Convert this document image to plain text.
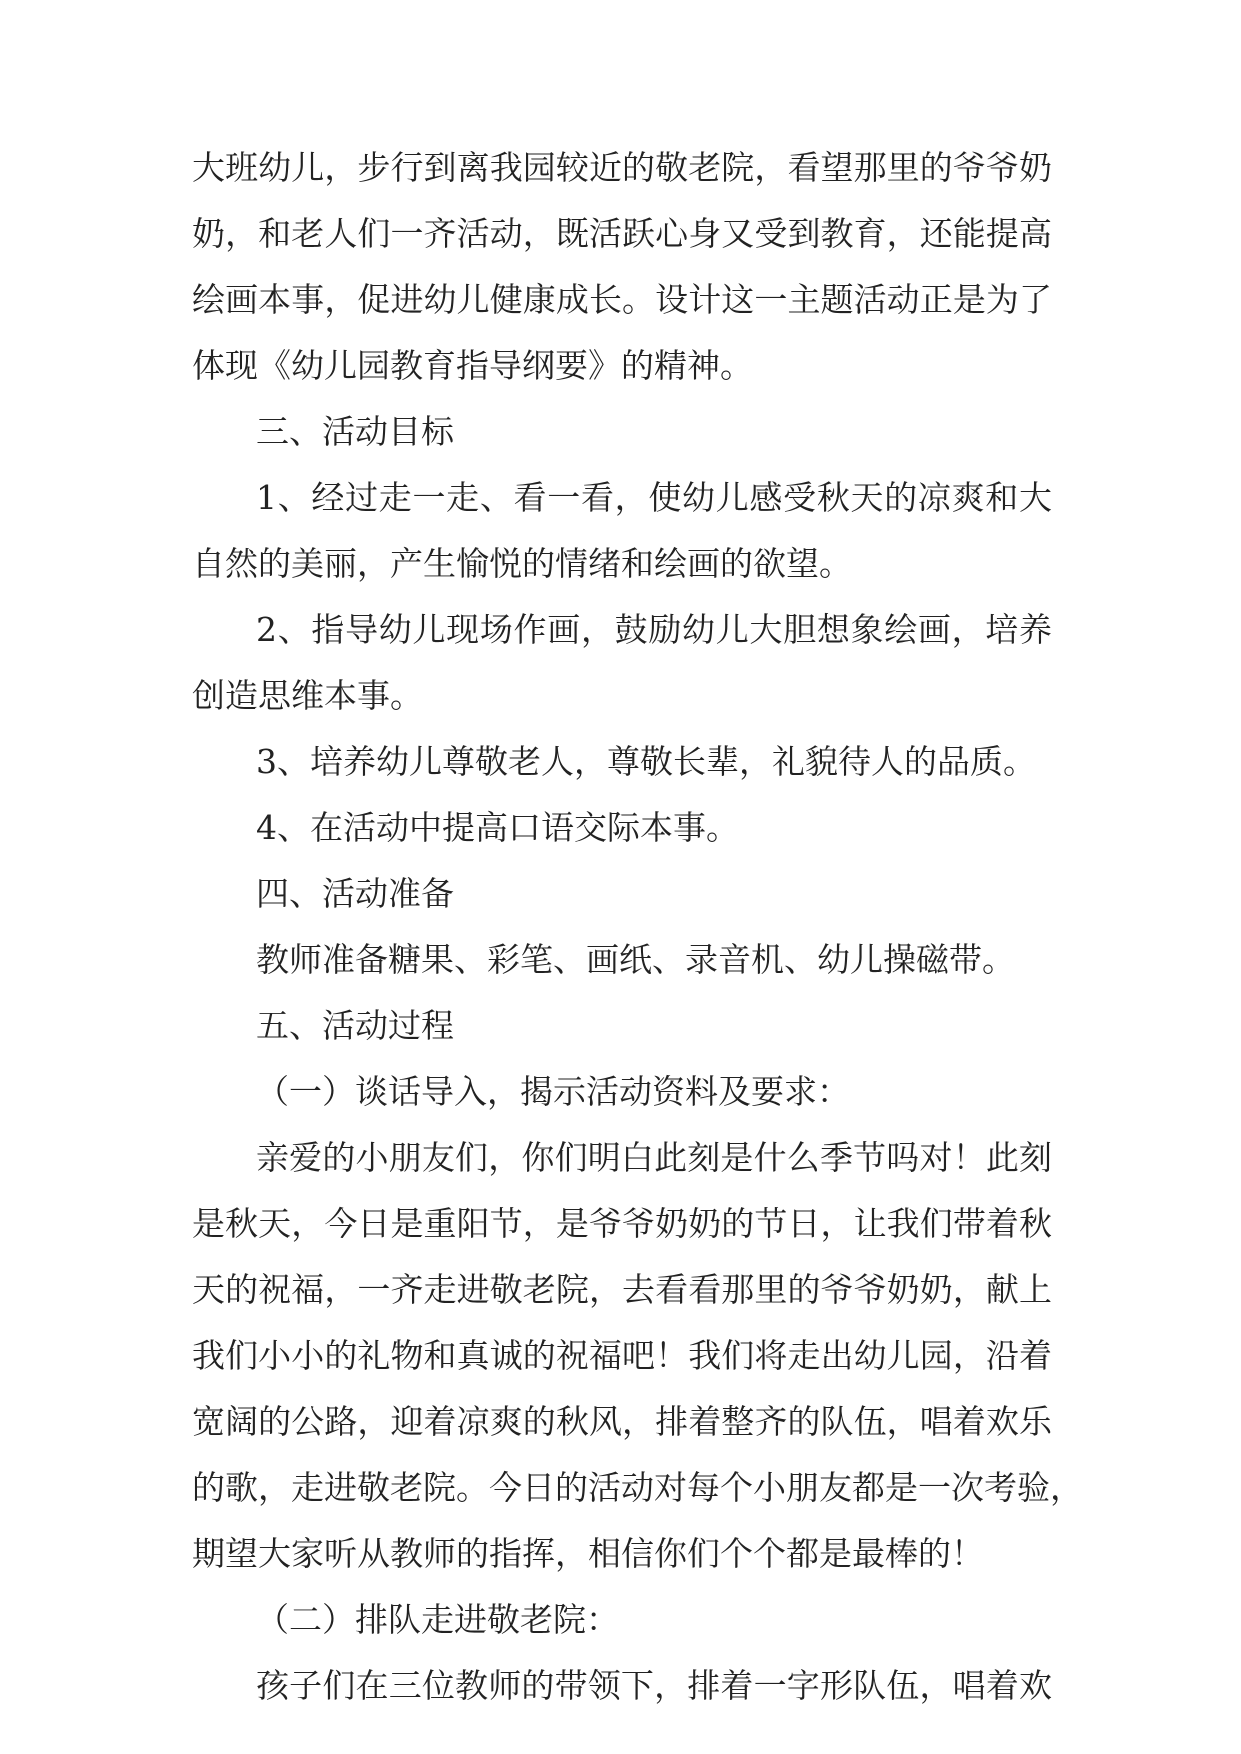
大班幼儿，步行到离我园较近的敬老院，看望那里的爷爷奶
奶，和老人们一齐活动，既活跃心身又受到教育，还能提高
绘画本事，促进幼儿健康成长。设计这一主题活动正是为了
体现《幼儿园教育指导纲要》的精神。
三、活动目标
1、经过走一走、看一看，使幼儿感受秋天的凉爽和大
自然的美丽，产生愉悦的情绪和绘画的欲望。
2、指导幼儿现场作画，鼓励幼儿大胆想象绘画，培养
创造思维本事。
3、培养幼儿尊敬老人，尊敬长辈，礼貌待人的品质。
4、在活动中提高口语交际本事。
四、活动准备
教师准备糖果、彩笔、画纸、录音机、幼儿操磁带。
五、活动过程
（一）谈话导入，揭示活动资料及要求：
亲爱的小朋友们，你们明白此刻是什么季节吗对！此刻
是秋天，今日是重阳节，是爷爷奶奶的节日，让我们带着秋
天的祝福，一齐走进敬老院，去看看那里的爷爷奶奶，献上
我们小小的礼物和真诚的祝福吧！我们将走出幼儿园，沿着
宽阔的公路，迎着凉爽的秋风，排着整齐的队伍，唱着欢乐
的歌，走进敬老院。今日的活动对每个小朋友都是一次考验，
期望大家听从教师的指挥，相信你们个个都是最棒的！
（二）排队走进敬老院：
孩子们在三位教师的带领下，排着一字形队伍，唱着欢
